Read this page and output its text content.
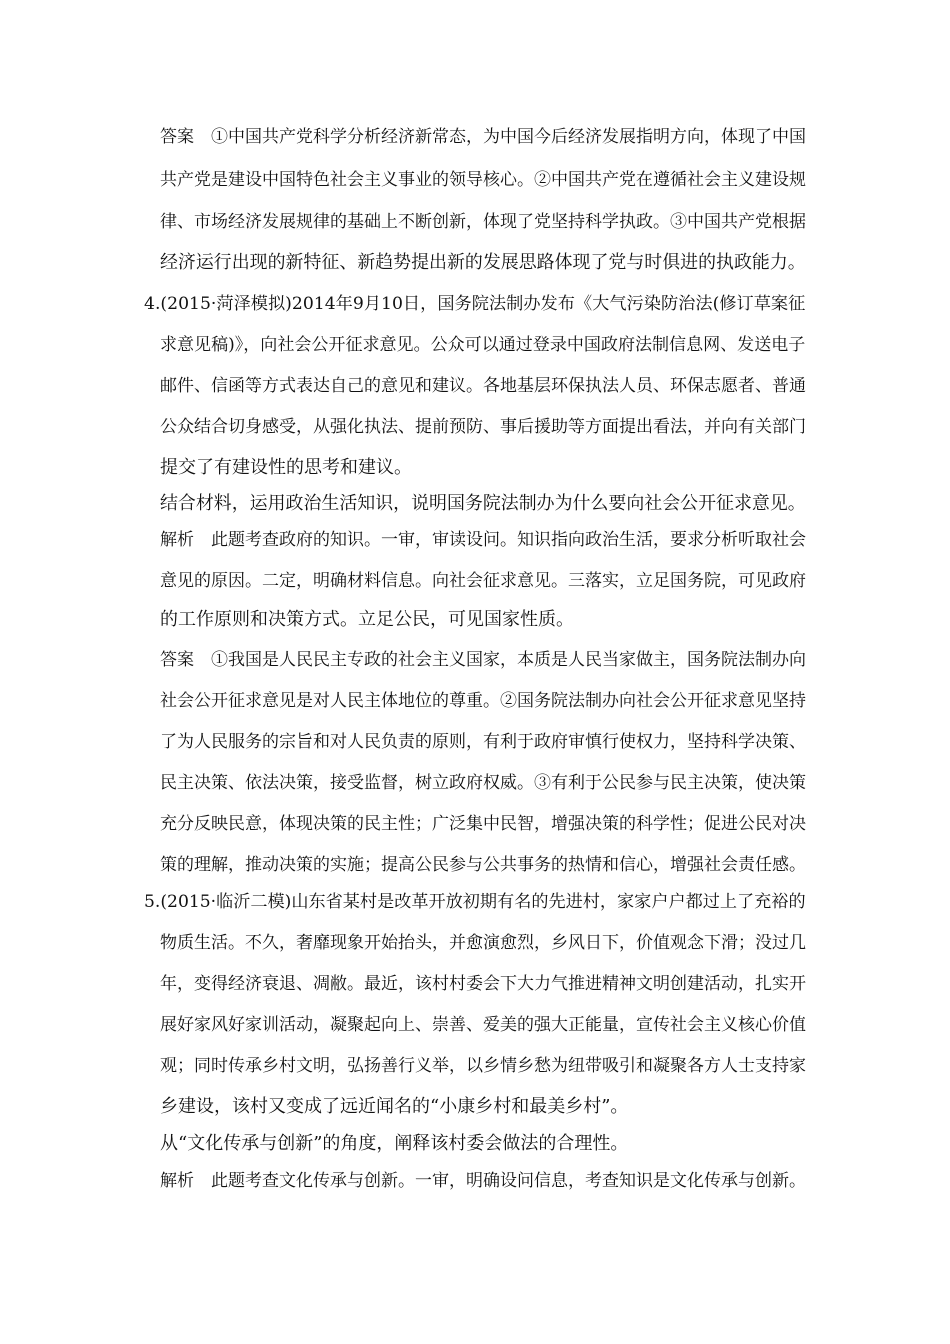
答案　①中国共产党科学分析经济新常态，为中国今后经济发展指明方向，体现了中国
共产党是建设中国特色社会主义事业的领导核心。②中国共产党在遵循社会主义建设规
律、市场经济发展规律的基础上不断创新，体现了党坚持科学执政。③中国共产党根据
经济运行出现的新特征、新趋势提出新的发展思路体现了党与时俱进的执政能力。
4.(2015·菏泽模拟)2014年9月10日，国务院法制办发布《大气污染防治法(修订草案征
求意见稿)》，向社会公开征求意见。公众可以通过登录中国政府法制信息网、发送电子
邮件、信函等方式表达自己的意见和建议。各地基层环保执法人员、环保志愿者、普通
公众结合切身感受，从强化执法、提前预防、事后援助等方面提出看法，并向有关部门
提交了有建设性的思考和建议。
结合材料，运用政治生活知识，说明国务院法制办为什么要向社会公开征求意见。
解析　此题考查政府的知识。一审，审读设问。知识指向政治生活，要求分析听取社会
意见的原因。二定，明确材料信息。向社会征求意见。三落实，立足国务院，可见政府
的工作原则和决策方式。立足公民，可见国家性质。
答案　①我国是人民民主专政的社会主义国家，本质是人民当家做主，国务院法制办向
社会公开征求意见是对人民主体地位的尊重。②国务院法制办向社会公开征求意见坚持
了为人民服务的宗旨和对人民负责的原则，有利于政府审慎行使权力，坚持科学决策、
民主决策、依法决策，接受监督，树立政府权威。③有利于公民参与民主决策，使决策
充分反映民意，体现决策的民主性；广泛集中民智，增强决策的科学性；促进公民对决
策的理解，推动决策的实施；提高公民参与公共事务的热情和信心，增强社会责任感。
5.(2015·临沂二模)山东省某村是改革开放初期有名的先进村，家家户户都过上了充裕的
物质生活。不久，奢靡现象开始抬头，并愈演愈烈，乡风日下，价值观念下滑；没过几
年，变得经济衰退、凋敝。最近，该村村委会下大力气推进精神文明创建活动，扎实开
展好家风好家训活动，凝聚起向上、崇善、爱美的强大正能量，宣传社会主义核心价值
观；同时传承乡村文明，弘扬善行义举，以乡情乡愁为纽带吸引和凝聚各方人士支持家
乡建设，该村又变成了远近闻名的“小康乡村和最美乡村”。
从“文化传承与创新”的角度，阐释该村委会做法的合理性。
解析　此题考查文化传承与创新。一审，明确设问信息，考查知识是文化传承与创新。
